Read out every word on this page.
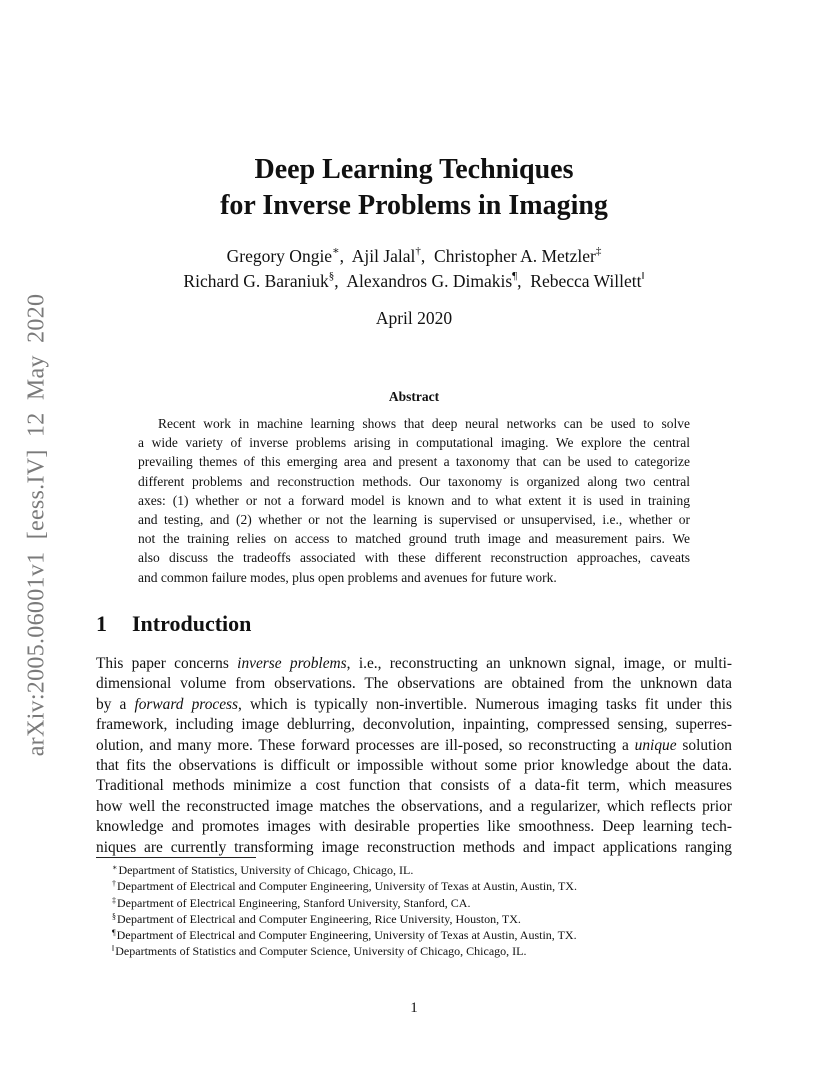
arXiv:2005.06001v1 [eess.IV] 12 May 2020
Deep Learning Techniques
for Inverse Problems in Imaging
Gregory Ongie∗, Ajil Jalal†, Christopher A. Metzler‡
Richard G. Baraniuk§, Alexandros G. Dimakis¶, Rebecca Willett‖
April 2020
Abstract
Recent work in machine learning shows that deep neural networks can be used to solve
a wide variety of inverse problems arising in computational imaging. We explore the central
prevailing themes of this emerging area and present a taxonomy that can be used to categorize
different problems and reconstruction methods. Our taxonomy is organized along two central
axes: (1) whether or not a forward model is known and to what extent it is used in training
and testing, and (2) whether or not the learning is supervised or unsupervised, i.e., whether or
not the training relies on access to matched ground truth image and measurement pairs. We
also discuss the tradeoffs associated with these different reconstruction approaches, caveats
and common failure modes, plus open problems and avenues for future work.
1 Introduction
This paper concerns inverse problems, i.e., reconstructing an unknown signal, image, or multi-
dimensional volume from observations. The observations are obtained from the unknown data
by a forward process, which is typically non-invertible. Numerous imaging tasks fit under this
framework, including image deblurring, deconvolution, inpainting, compressed sensing, superres-
olution, and many more. These forward processes are ill-posed, so reconstructing a unique solution
that fits the observations is difficult or impossible without some prior knowledge about the data.
Traditional methods minimize a cost function that consists of a data-fit term, which measures
how well the reconstructed image matches the observations, and a regularizer, which reflects prior
knowledge and promotes images with desirable properties like smoothness. Deep learning tech-
niques are currently transforming image reconstruction methods and impact applications ranging
∗Department of Statistics, University of Chicago, Chicago, IL.
†Department of Electrical and Computer Engineering, University of Texas at Austin, Austin, TX.
‡Department of Electrical Engineering, Stanford University, Stanford, CA.
§Department of Electrical and Computer Engineering, Rice University, Houston, TX.
¶Department of Electrical and Computer Engineering, University of Texas at Austin, Austin, TX.
‖Departments of Statistics and Computer Science, University of Chicago, Chicago, IL.
1
